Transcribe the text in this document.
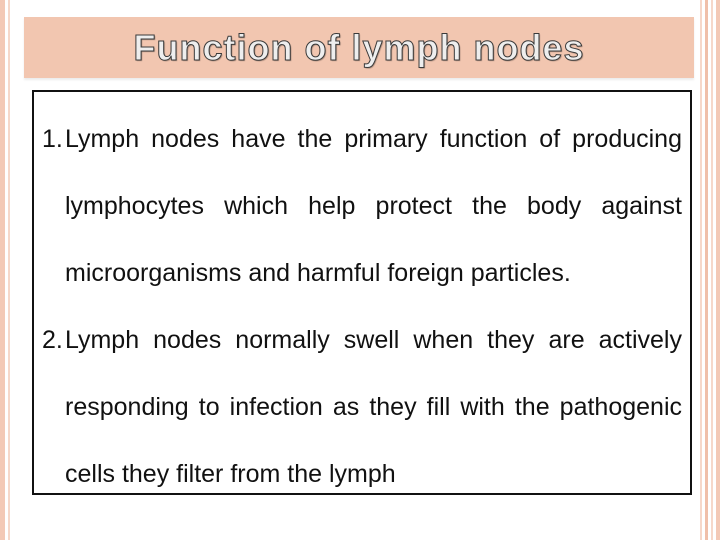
Function of lymph nodes
1. Lymph nodes have the primary function of producing lymphocytes which help protect the body against microorganisms and harmful foreign particles.
2. Lymph nodes normally swell when they are actively responding to infection as they fill with the pathogenic cells they filter from the lymph
